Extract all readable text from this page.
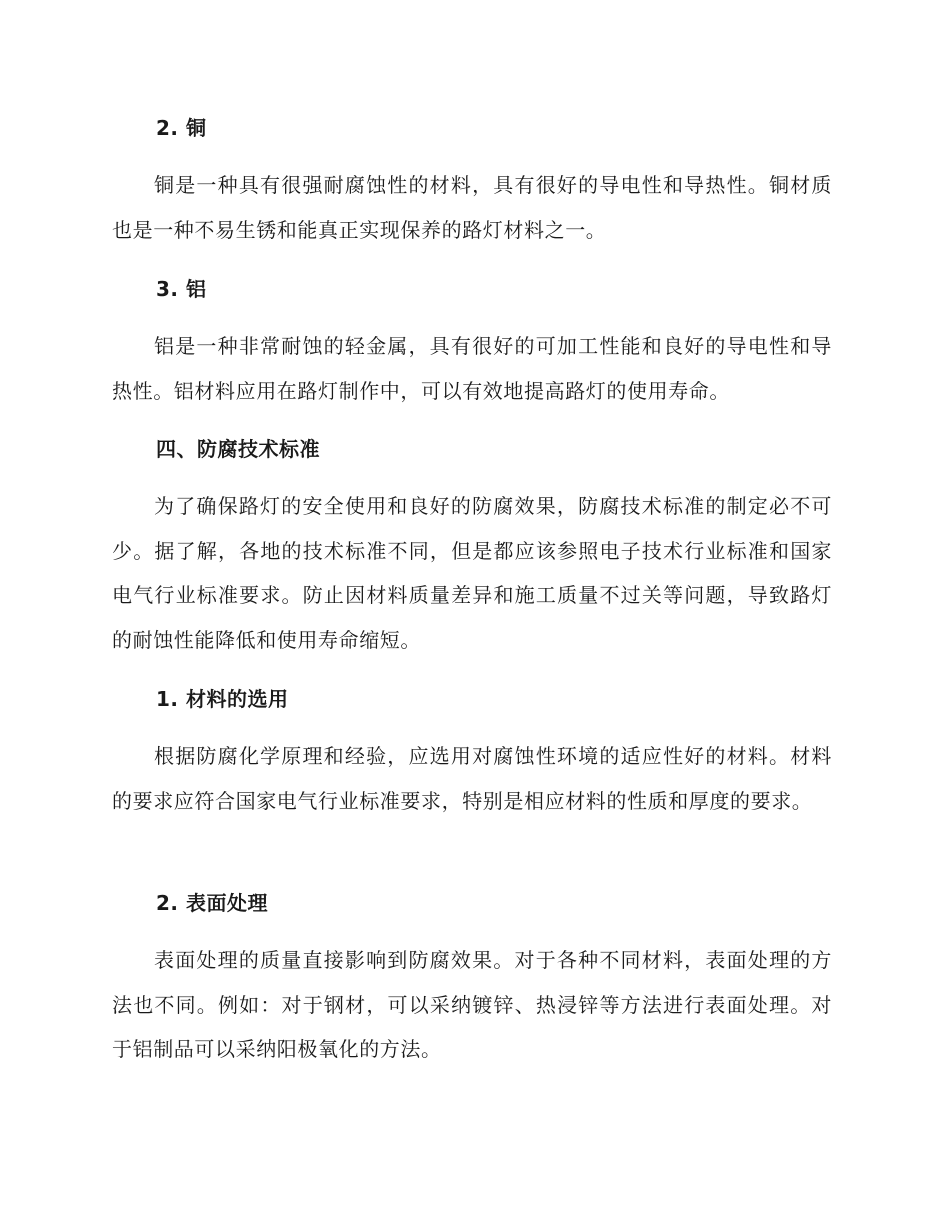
2. 铜
铜是一种具有很强耐腐蚀性的材料，具有很好的导电性和导热性。铜材质也是一种不易生锈和能真正实现保养的路灯材料之一。
3. 铝
铝是一种非常耐蚀的轻金属，具有很好的可加工性能和良好的导电性和导热性。铝材料应用在路灯制作中，可以有效地提高路灯的使用寿命。
四、防腐技术标准
为了确保路灯的安全使用和良好的防腐效果，防腐技术标准的制定必不可少。据了解，各地的技术标准不同，但是都应该参照电子技术行业标准和国家电气行业标准要求。防止因材料质量差异和施工质量不过关等问题，导致路灯的耐蚀性能降低和使用寿命缩短。
1. 材料的选用
根据防腐化学原理和经验，应选用对腐蚀性环境的适应性好的材料。材料的要求应符合国家电气行业标准要求，特别是相应材料的性质和厚度的要求。
2. 表面处理
表面处理的质量直接影响到防腐效果。对于各种不同材料，表面处理的方法也不同。例如：对于钢材，可以采纳镀锌、热浸锌等方法进行表面处理。对于铝制品可以采纳阳极氧化的方法。
